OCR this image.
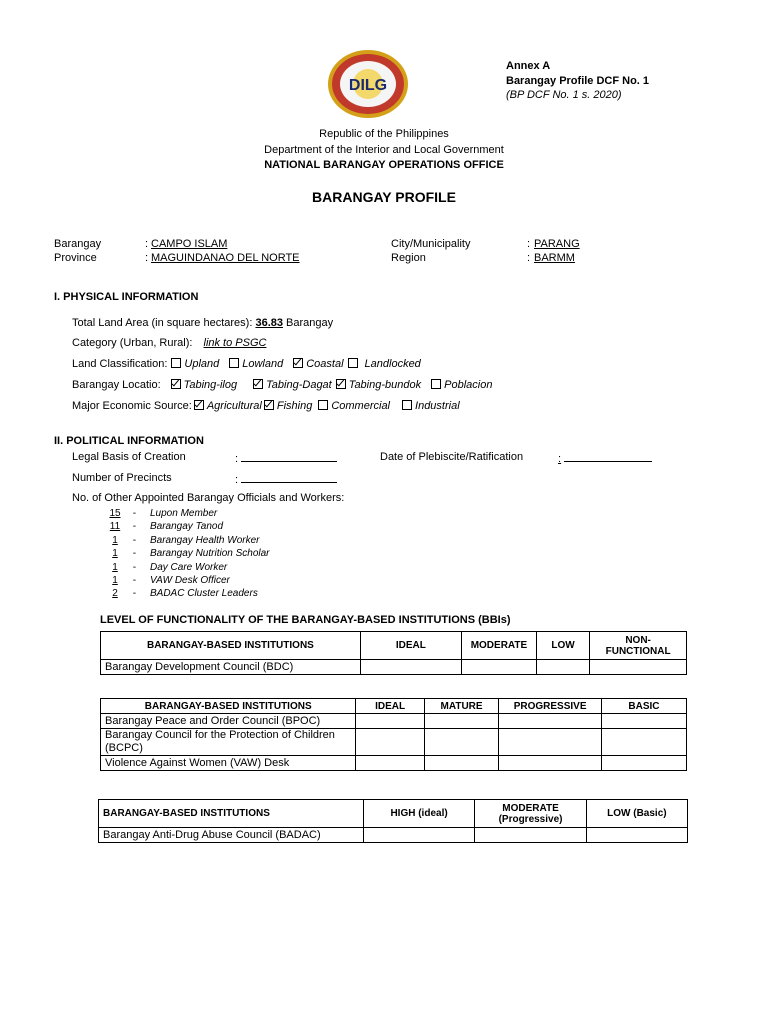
DILG
Annex A
Barangay Profile DCF No. 1
(BP DCF No. 1 s. 2020)
Republic of the Philippines
Department of the Interior and Local Government
NATIONAL BARANGAY OPERATIONS OFFICE
BARANGAY PROFILE
Barangay	: CAMPO ISLAM
Province	: MAGUINDANAO DEL NORTE
City/Municipality	: PARANG
Region	: BARMM
I. PHYSICAL INFORMATION
Total Land Area (in square hectares): 36.83 Barangay
Category (Urban, Rural): link to PSGC
Land Classification: Upland Lowland Coastal Landlocked
Barangay Locatio: Tabing-ilog	Tabing-Dagat Tabing-bundok Poblacion
Major Economic Source: Agricultural Fishing Commercial Industrial
II. POLITICAL INFORMATION
Legal Basis of Creation	:	Date of Plebiscite/Ratification	:
Number of Precincts	:
No. of Other Appointed Barangay Officials and Workers:
15 -     Lupon Member
11 -     Barangay Tanod
1 -     Barangay Health Worker
1 -     Barangay Nutrition Scholar
1 -     Day Care Worker
1 -     VAW Desk Officer
2 -     BADAC Cluster Leaders
LEVEL OF FUNCTIONALITY OF THE BARANGAY-BASED INSTITUTIONS (BBIs)
BARANGAY-BASED INSTITUTIONS	IDEAL	MODERATE	LOW	NON-FUNCTIONAL
Barangay Development Council (BDC)				
BARANGAY-BASED INSTITUTIONS	IDEAL	MATURE	PROGRESSIVE	BASIC
Barangay Peace and Order Council (BPOC)				
Barangay Council for the Protection of Children (BCPC)				
Violence Against Women (VAW) Desk				
BARANGAY-BASED INSTITUTIONS	HIGH (ideal)	MODERATE (Progressive)	LOW (Basic)
Barangay Anti-Drug Abuse Council (BADAC)			
